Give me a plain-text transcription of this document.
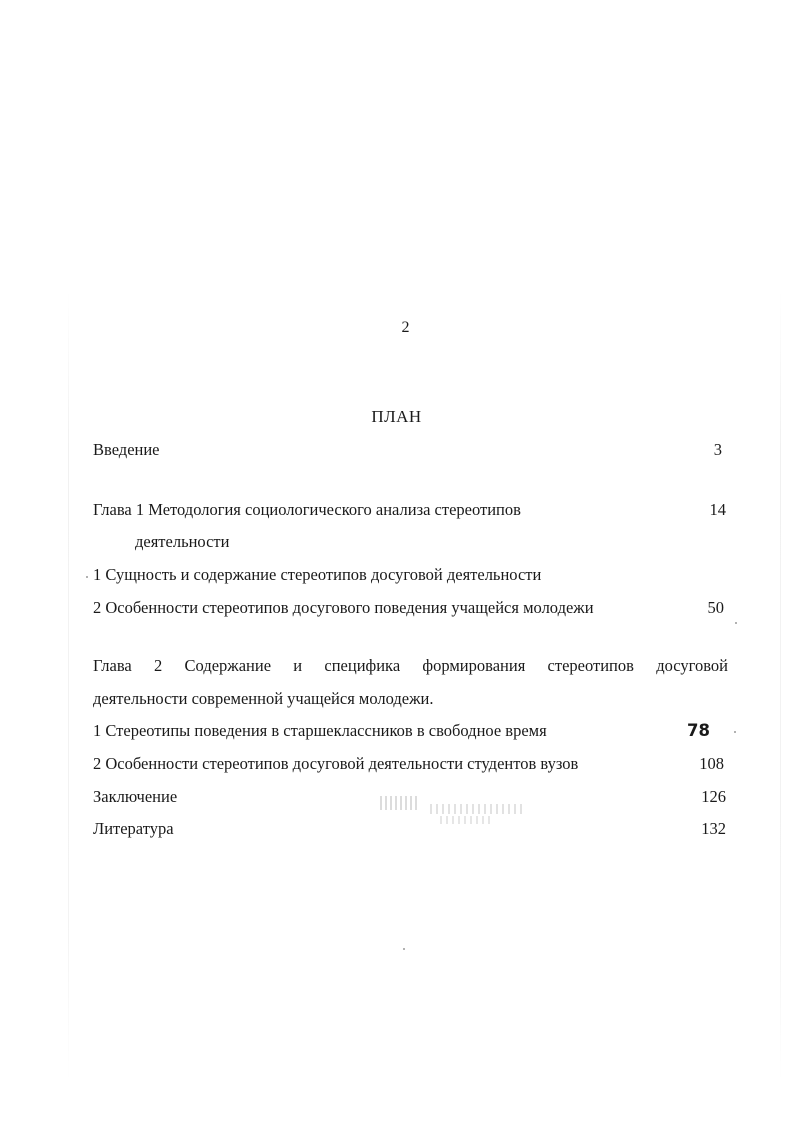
2
ПЛАН
Введение	3
Глава 1 Методология социологического анализа стереотипов	14
деятельности
1 Сущность и содержание стереотипов досуговой деятельности
2 Особенности стереотипов досугового поведения учащейся молодежи	50
Глава 2 Содержание и специфика формирования стереотипов досуговой
деятельности современной учащейся молодежи.
1 Стереотипы поведения в старшеклассников в свободное время	78
2 Особенности стереотипов досуговой деятельности студентов вузов	108
Заключение	126
Литература	132
